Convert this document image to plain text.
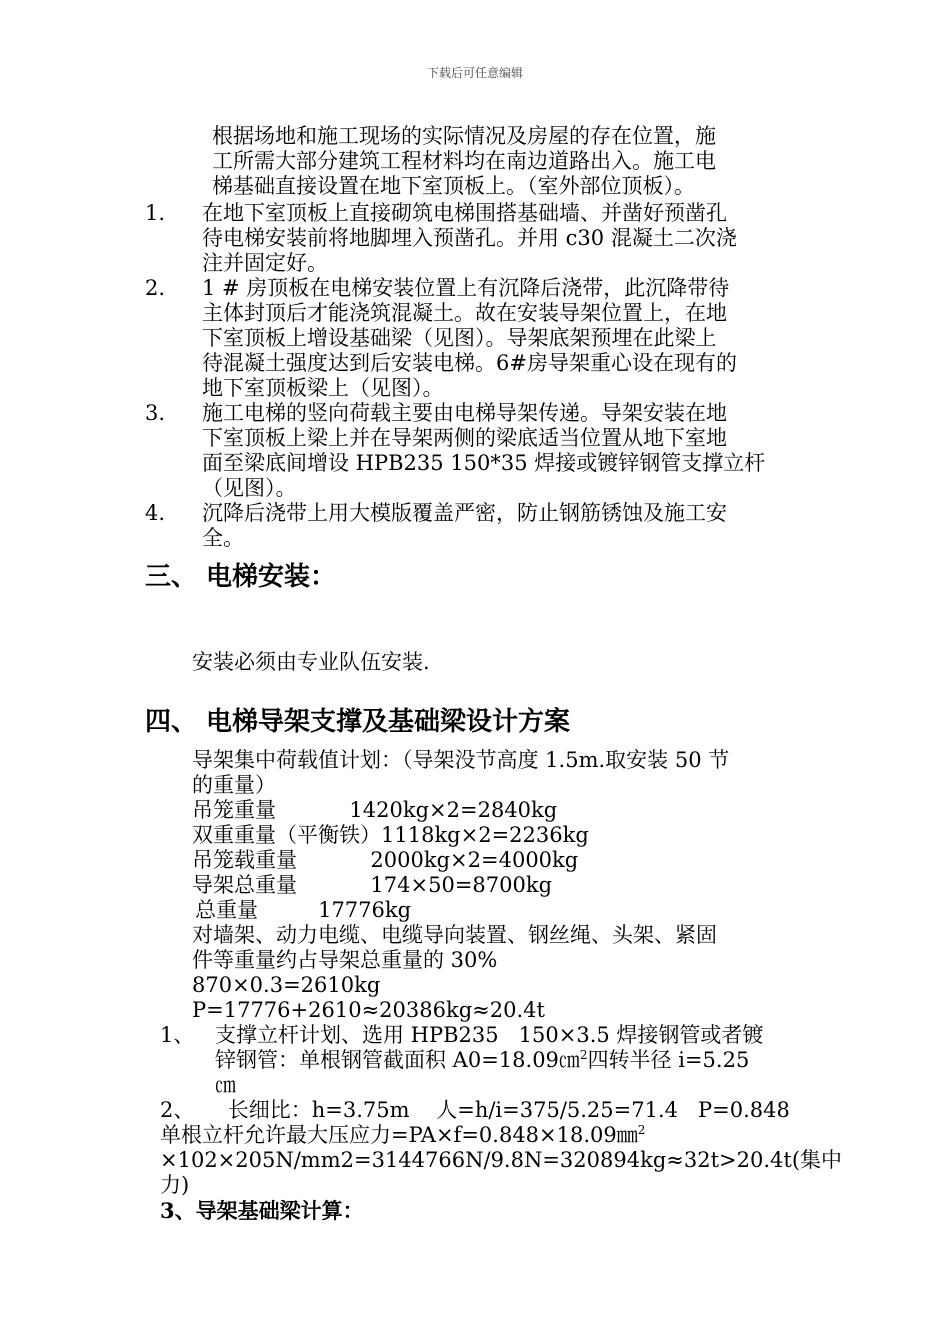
下载后可任意编辑
根据场地和施工现场的实际情况及房屋的存在位置，施
工所需大部分建筑工程材料均在南边道路出入。施工电
梯基础直接设置在地下室顶板上。（室外部位顶板）。
1. 在地下室顶板上直接砌筑电梯围搭基础墙、并凿好预凿孔
待电梯安装前将地脚埋入预凿孔。并用 c30 混凝土二次浇
注并固定好。
2. 1 # 房顶板在电梯安装位置上有沉降后浇带，此沉降带待
主体封顶后才能浇筑混凝土。故在安装导架位置上，在地
下室顶板上增设基础梁（见图）。导架底架预埋在此梁上
待混凝土强度达到后安装电梯。6#房导架重心设在现有的
地下室顶板梁上（见图）。
3. 施工电梯的竖向荷载主要由电梯导架传递。导架安装在地
下室顶板上梁上并在导架两侧的梁底适当位置从地下室地
面至梁底间增设 HPB235 150*35 焊接或镀锌钢管支撑立杆
（见图）。
4. 沉降后浇带上用大模版覆盖严密，防止钢筋锈蚀及施工安
全。
三、 电梯安装：
安装必须由专业队伍安装.
四、 电梯导架支撑及基础梁设计方案
导架集中荷载值计划：（导架没节高度 1.5m.取安装 50 节
的重量）
吊笼重量           1420kg×2=2840kg
双重重量（平衡铁）1118kg×2=2236kg
吊笼载重量           2000kg×2=4000kg
导架总重量           174×50=8700kg
总重量         17776kg
对墙架、动力电缆、电缆导向装置、钢丝绳、头架、紧固
件等重量约占导架总重量的 30%
870×0.3=2610kg
P=17776+2610≈20386kg≈20.4t
1、 支撑立杆计划、选用 HPB235   150×3.5 焊接钢管或者镀
锌钢管：单根钢管截面积 A0=18.09㎝$^2$四转半径 i=5.25
㎝
2、     长细比：h=3.75m    人=h/i=375/5.25=71.4   P=0.848
单根立杆允许最大压应力=PA×f=0.848×18.09㎜$^2$
×102×205N/mm2=3144766N/9.8N=320894kg≈32t>20.4t(集中
力)
3、导架基础梁计算：
